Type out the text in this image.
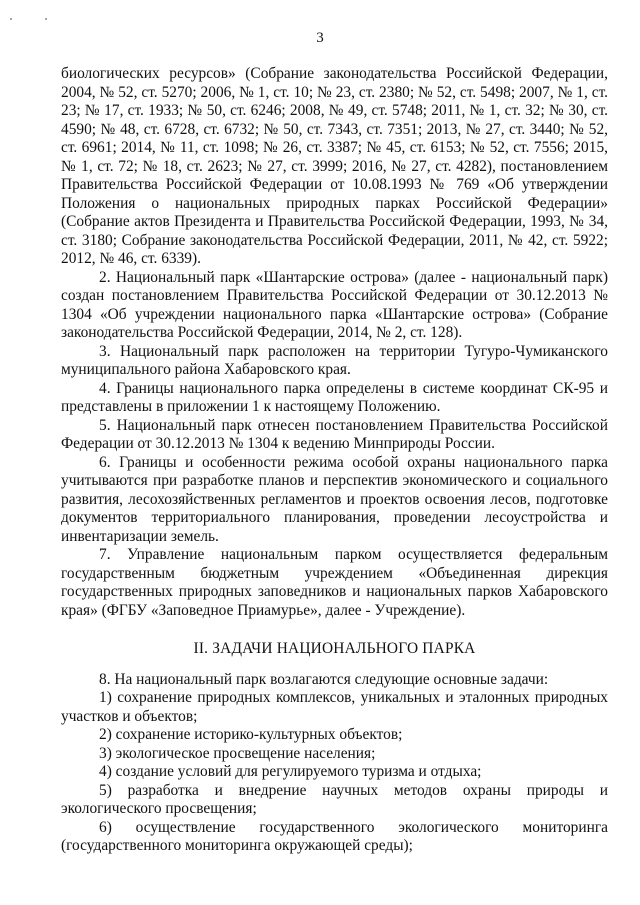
3

биологических ресурсов» (Собрание законодательства Российской Федерации, 2004, № 52, ст. 5270; 2006, № 1, ст. 10; № 23, ст. 2380; № 52, ст. 5498; 2007, № 1, ст. 23; № 17, ст. 1933; № 50, ст. 6246; 2008, № 49, ст. 5748; 2011, № 1, ст. 32; № 30, ст. 4590; № 48, ст. 6728, ст. 6732; № 50, ст. 7343, ст. 7351; 2013, № 27, ст. 3440; № 52, ст. 6961; 2014, № 11, ст. 1098; № 26, ст. 3387; № 45, ст. 6153; № 52, ст. 7556; 2015, № 1, ст. 72; № 18, ст. 2623; № 27, ст. 3999; 2016, № 27, ст. 4282), постановлением Правительства Российской Федерации от 10.08.1993 № 769 «Об утверждении Положения о национальных природных парках Российской Федерации» (Собрание актов Президента и Правительства Российской Федерации, 1993, № 34, ст. 3180; Собрание законодательства Российской Федерации, 2011, № 42, ст. 5922; 2012, № 46, ст. 6339).

2. Национальный парк «Шантарские острова» (далее - национальный парк) создан постановлением Правительства Российской Федерации от 30.12.2013 № 1304 «Об учреждении национального парка «Шантарские острова» (Собрание законодательства Российской Федерации, 2014, № 2, ст. 128).

3. Национальный парк расположен на территории Тугуро-Чумиканского муниципального района Хабаровского края.

4. Границы национального парка определены в системе координат СК-95 и представлены в приложении 1 к настоящему Положению.

5. Национальный парк отнесен постановлением Правительства Российской Федерации от 30.12.2013 № 1304 к ведению Минприроды России.

6. Границы и особенности режима особой охраны национального парка учитываются при разработке планов и перспектив экономического и социального развития, лесохозяйственных регламентов и проектов освоения лесов, подготовке документов территориального планирования, проведении лесоустройства и инвентаризации земель.

7. Управление национальным парком осуществляется федеральным государственным бюджетным учреждением «Объединенная дирекция государственных природных заповедников и национальных парков Хабаровского края» (ФГБУ «Заповедное Приамурье», далее - Учреждение).

II. ЗАДАЧИ НАЦИОНАЛЬНОГО ПАРКА

8. На национальный парк возлагаются следующие основные задачи:

1) сохранение природных комплексов, уникальных и эталонных природных участков и объектов;

2) сохранение историко-культурных объектов;

3) экологическое просвещение населения;

4) создание условий для регулируемого туризма и отдыха;

5) разработка и внедрение научных методов охраны природы и экологического просвещения;

6) осуществление государственного экологического мониторинга (государственного мониторинга окружающей среды);
